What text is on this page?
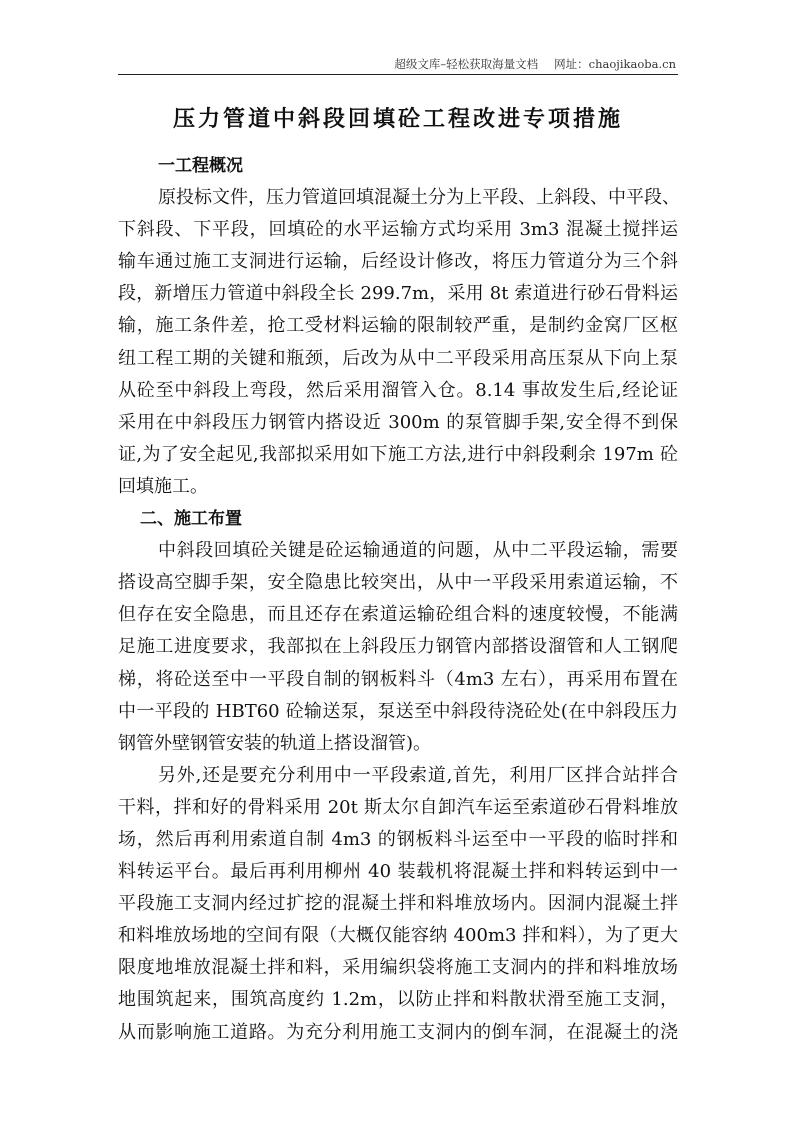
超级文库–轻松获取海量文档 网址：chaojikaoba.cn
压力管道中斜段回填砼工程改进专项措施
一工程概况
原投标文件，压力管道回填混凝土分为上平段、上斜段、中平段、
下斜段、下平段，回填砼的水平运输方式均采用 3m3 混凝土搅拌运
输车通过施工支洞进行运输，后经设计修改，将压力管道分为三个斜
段，新增压力管道中斜段全长 299.7m，采用 8t 索道进行砂石骨料运
输，施工条件差，抢工受材料运输的限制较严重，是制约金窝厂区枢
纽工程工期的关键和瓶颈，后改为从中二平段采用高压泵从下向上泵
从砼至中斜段上弯段，然后采用溜管入仓。8.14 事故发生后,经论证
采用在中斜段压力钢管内搭设近 300m 的泵管脚手架,安全得不到保
证,为了安全起见,我部拟采用如下施工方法,进行中斜段剩余 197m 砼
回填施工。
二、施工布置
中斜段回填砼关键是砼运输通道的问题，从中二平段运输，需要
搭设高空脚手架，安全隐患比较突出，从中一平段采用索道运输，不
但存在安全隐患，而且还存在索道运输砼组合料的速度较慢，不能满
足施工进度要求，我部拟在上斜段压力钢管内部搭设溜管和人工钢爬
梯，将砼送至中一平段自制的钢板料斗（4m3 左右），再采用布置在
中一平段的 HBT60 砼输送泵，泵送至中斜段待浇砼处(在中斜段压力
钢管外壁钢管安装的轨道上搭设溜管)。
另外,还是要充分利用中一平段索道,首先，利用厂区拌合站拌合
干料，拌和好的骨料采用 20t 斯太尔自卸汽车运至索道砂石骨料堆放
场，然后再利用索道自制 4m3 的钢板料斗运至中一平段的临时拌和
料转运平台。最后再利用柳州 40 装载机将混凝土拌和料转运到中一
平段施工支洞内经过扩挖的混凝土拌和料堆放场内。因洞内混凝土拌
和料堆放场地的空间有限（大概仅能容纳 400m3 拌和料），为了更大
限度地堆放混凝土拌和料，采用编织袋将施工支洞内的拌和料堆放场
地围筑起来，围筑高度约 1.2m，以防止拌和料散状滑至施工支洞，
从而影响施工道路。为充分利用施工支洞内的倒车洞，在混凝土的浇
